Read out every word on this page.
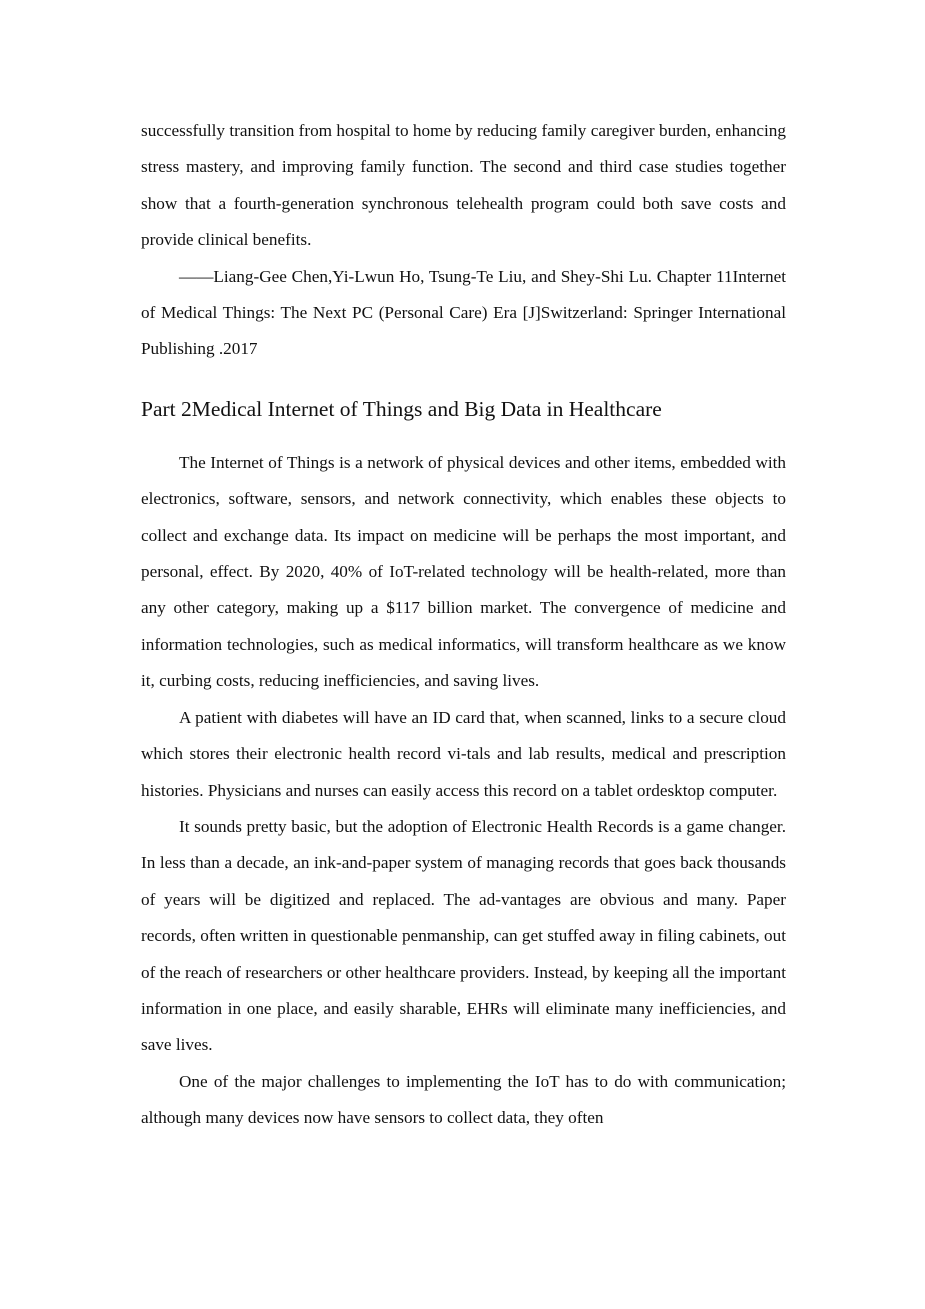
successfully transition from hospital to home by reducing family caregiver burden, enhancing stress mastery, and improving family function. The second and third case studies together show that a fourth-generation synchronous telehealth program could both save costs and provide clinical benefits.

——Liang-Gee Chen,Yi-Lwun Ho, Tsung-Te Liu, and Shey-Shi Lu. Chapter 11Internet of Medical Things: The Next PC (Personal Care) Era [J]Switzerland: Springer International Publishing .2017

Part 2Medical Internet of Things and Big Data in Healthcare

The Internet of Things is a network of physical devices and other items, embedded with electronics, software, sensors, and network connectivity, which enables these objects to collect and exchange data. Its impact on medicine will be perhaps the most important, and personal, effect. By 2020, 40% of IoT-related technology will be health-related, more than any other category, making up a $117 billion market. The convergence of medicine and information technologies, such as medical informatics, will transform healthcare as we know it, curbing costs, reducing inefficiencies, and saving lives.

A patient with diabetes will have an ID card that, when scanned, links to a secure cloud which stores their electronic health record vi-tals and lab results, medical and prescription histories. Physicians and nurses can easily access this record on a tablet ordesktop computer.

It sounds pretty basic, but the adoption of Electronic Health Records is a game changer. In less than a decade, an ink-and-paper system of managing records that goes back thousands of years will be digitized and replaced. The ad-vantages are obvious and many. Paper records, often written in questionable penmanship, can get stuffed away in filing cabinets, out of the reach of researchers or other healthcare providers. Instead, by keeping all the important information in one place, and easily sharable, EHRs will eliminate many inefficiencies, and save lives.

One of the major challenges to implementing the IoT has to do with communication; although many devices now have sensors to collect data, they often
